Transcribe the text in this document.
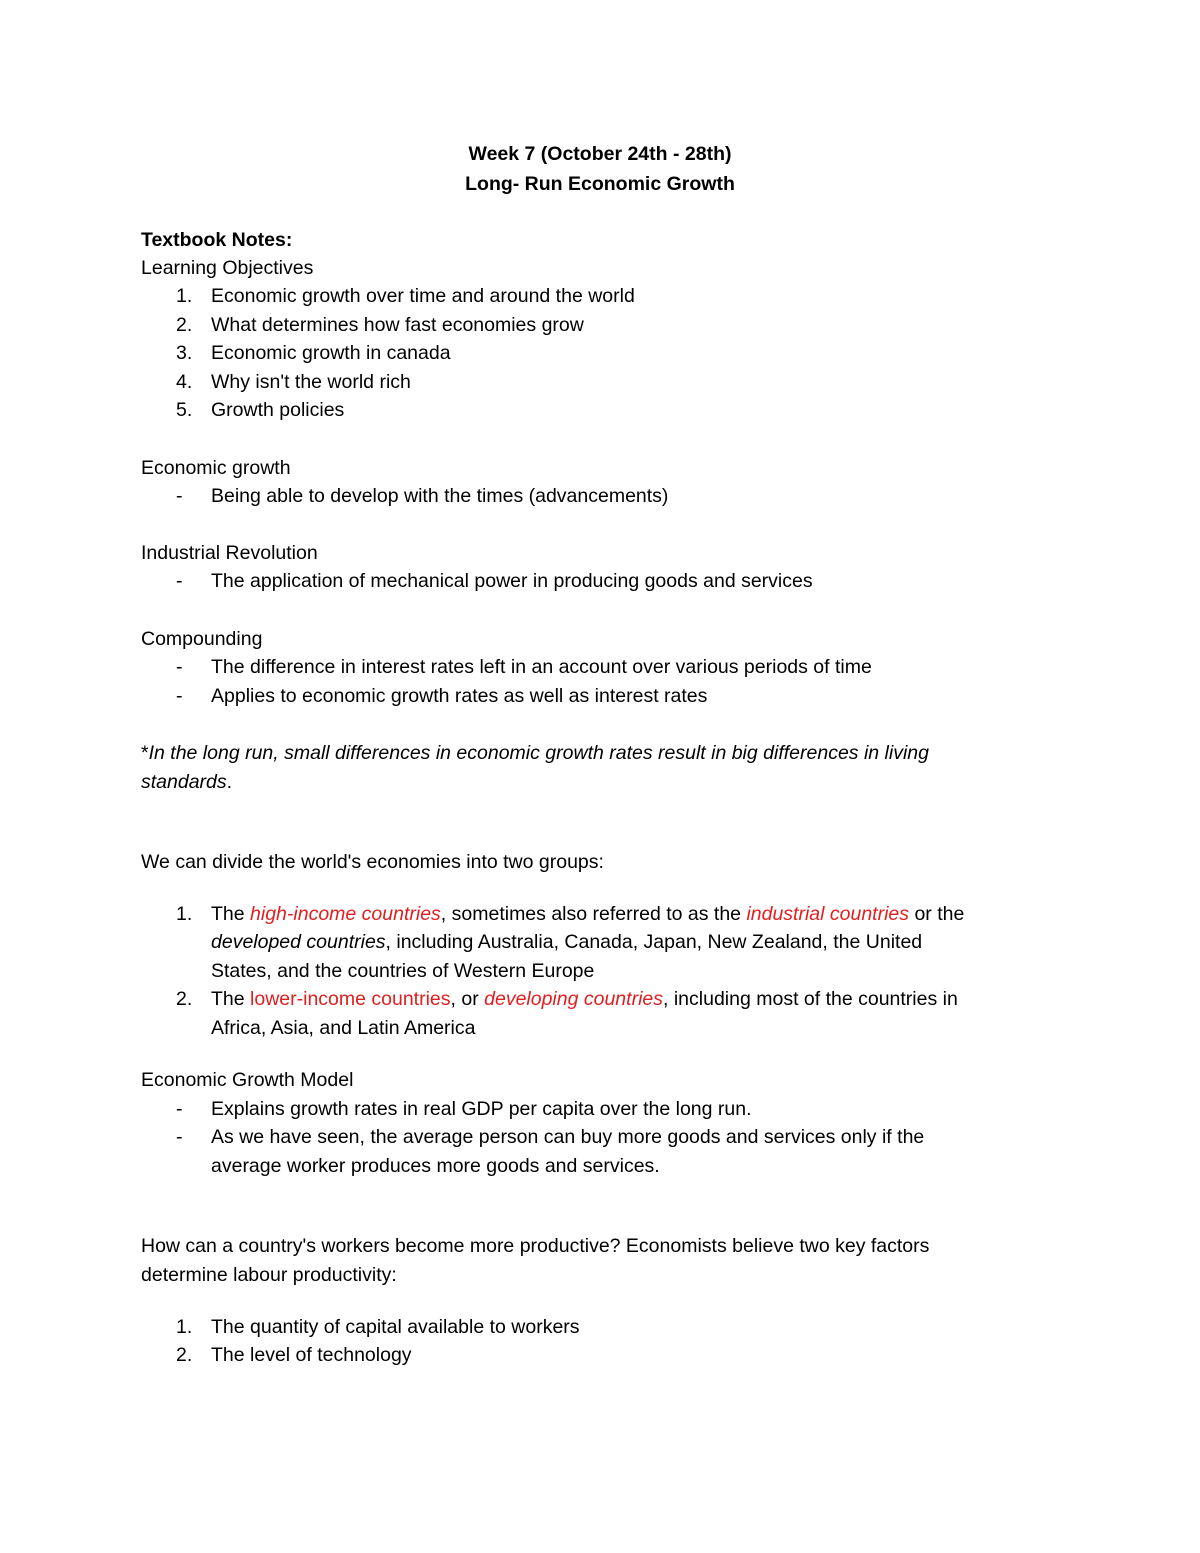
Week 7 (October 24th - 28th)
Long- Run Economic Growth
Textbook Notes:
Learning Objectives
1. Economic growth over time and around the world
2. What determines how fast economies grow
3. Economic growth in canada
4. Why isn't the world rich
5. Growth policies
Economic growth
- Being able to develop with the times (advancements)
Industrial Revolution
- The application of mechanical power in producing goods and services
Compounding
- The difference in interest rates left in an account over various periods of time
- Applies to economic growth rates as well as interest rates
*In the long run, small differences in economic growth rates result in big differences in living
standards.
We can divide the world's economies into two groups:
1. The high-income countries, sometimes also referred to as the industrial countries or the
developed countries, including Australia, Canada, Japan, New Zealand, the United
States, and the countries of Western Europe
2. The lower-income countries, or developing countries, including most of the countries in
Africa, Asia, and Latin America
Economic Growth Model
- Explains growth rates in real GDP per capita over the long run.
- As we have seen, the average person can buy more goods and services only if the
average worker produces more goods and services.
How can a country's workers become more productive? Economists believe two key factors
determine labour productivity:
1. The quantity of capital available to workers
2. The level of technology
